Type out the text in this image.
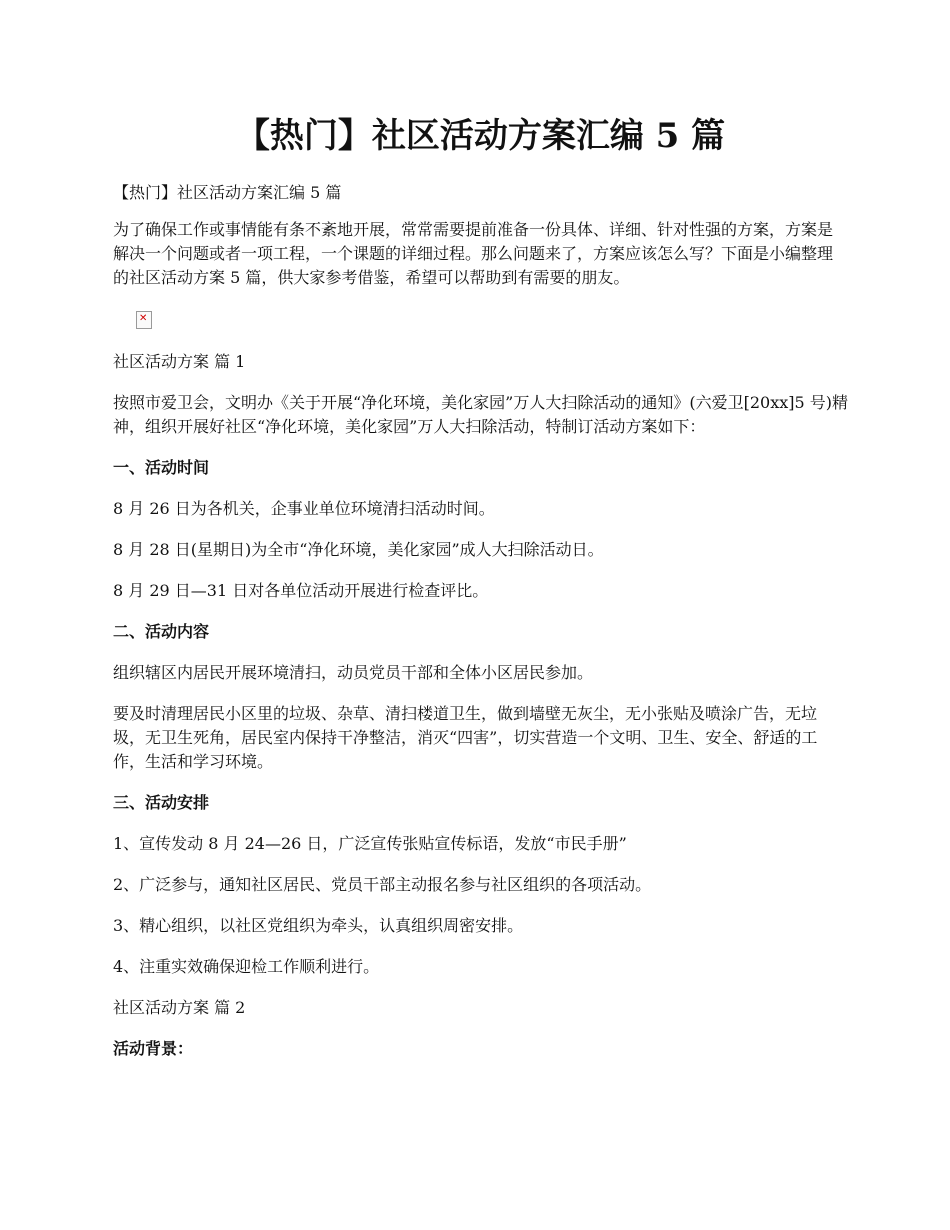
【热门】社区活动方案汇编 5 篇

【热门】社区活动方案汇编 5 篇

为了确保工作或事情能有条不紊地开展，常常需要提前准备一份具体、详细、针对性强的方案，方案是解决一个问题或者一项工程，一个课题的详细过程。那么问题来了，方案应该怎么写？下面是小编整理的社区活动方案 5 篇，供大家参考借鉴，希望可以帮助到有需要的朋友。

✕

社区活动方案 篇 1

按照市爱卫会，文明办《关于开展“净化环境，美化家园”万人大扫除活动的通知》(六爱卫[20xx]5 号)精神，组织开展好社区“净化环境，美化家园”万人大扫除活动，特制订活动方案如下：

一、活动时间

8 月 26 日为各机关，企事业单位环境清扫活动时间。

8 月 28 日(星期日)为全市“净化环境，美化家园”成人大扫除活动日。

8 月 29 日—31 日对各单位活动开展进行检查评比。

二、活动内容

组织辖区内居民开展环境清扫，动员党员干部和全体小区居民参加。

要及时清理居民小区里的垃圾、杂草、清扫楼道卫生，做到墙壁无灰尘，无小张贴及喷涂广告，无垃圾，无卫生死角，居民室内保持干净整洁，消灭“四害”，切实营造一个文明、卫生、安全、舒适的工作，生活和学习环境。

三、活动安排

1、宣传发动 8 月 24—26 日，广泛宣传张贴宣传标语，发放“市民手册”

2、广泛参与，通知社区居民、党员干部主动报名参与社区组织的各项活动。

3、精心组织，以社区党组织为牵头，认真组织周密安排。

4、注重实效确保迎检工作顺利进行。

社区活动方案 篇 2

活动背景：
